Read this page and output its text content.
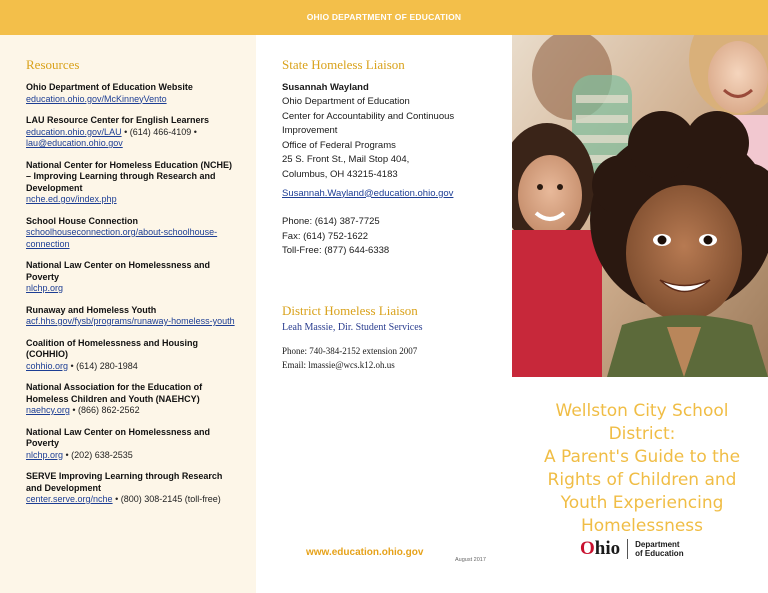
OHIO DEPARTMENT OF EDUCATION
Resources
Ohio Department of Education Website
education.ohio.gov/McKinneyVento
LAU Resource Center for English Learners
education.ohio.gov/LAU • (614) 466-4109 •
lau@education.ohio.gov
National Center for Homeless Education (NCHE) – Improving Learning through Research and Development
nche.ed.gov/index.php
School House Connection
schoolhouseconnection.org/about-schoolhouse-connection
National Law Center on Homelessness and Poverty
nlchp.org
Runaway and Homeless Youth
acf.hhs.gov/fysb/programs/runaway-homeless-youth
Coalition of Homelessness and Housing (COHHIO)
cohhio.org • (614) 280-1984
National Association for the Education of Homeless Children and Youth (NAEHCY)
naehcy.org • (866) 862-2562
National Law Center on Homelessness and Poverty
nlchp.org • (202) 638-2535
SERVE Improving Learning through Research and Development
center.serve.org/nche • (800) 308-2145 (toll-free)
State Homeless Liaison
Susannah Wayland
Ohio Department of Education
Center for Accountability and Continuous Improvement
Office of Federal Programs
25 S. Front St., Mail Stop 404,
Columbus, OH 43215-4183
Susannah.Wayland@education.ohio.gov
Phone: (614) 387-7725
Fax: (614) 752-1622
Toll-Free: (877) 644-6338
District Homeless Liaison
Leah Massie, Dir. Student Services
Phone: 740-384-2152 extension 2007
Email: lmassie@wcs.k12.oh.us
www.education.ohio.gov
August 2017
Wellston City School
District:
A Parent's Guide to the
Rights of Children and
Youth Experiencing
Homelessness
Ohio Department
of Education
